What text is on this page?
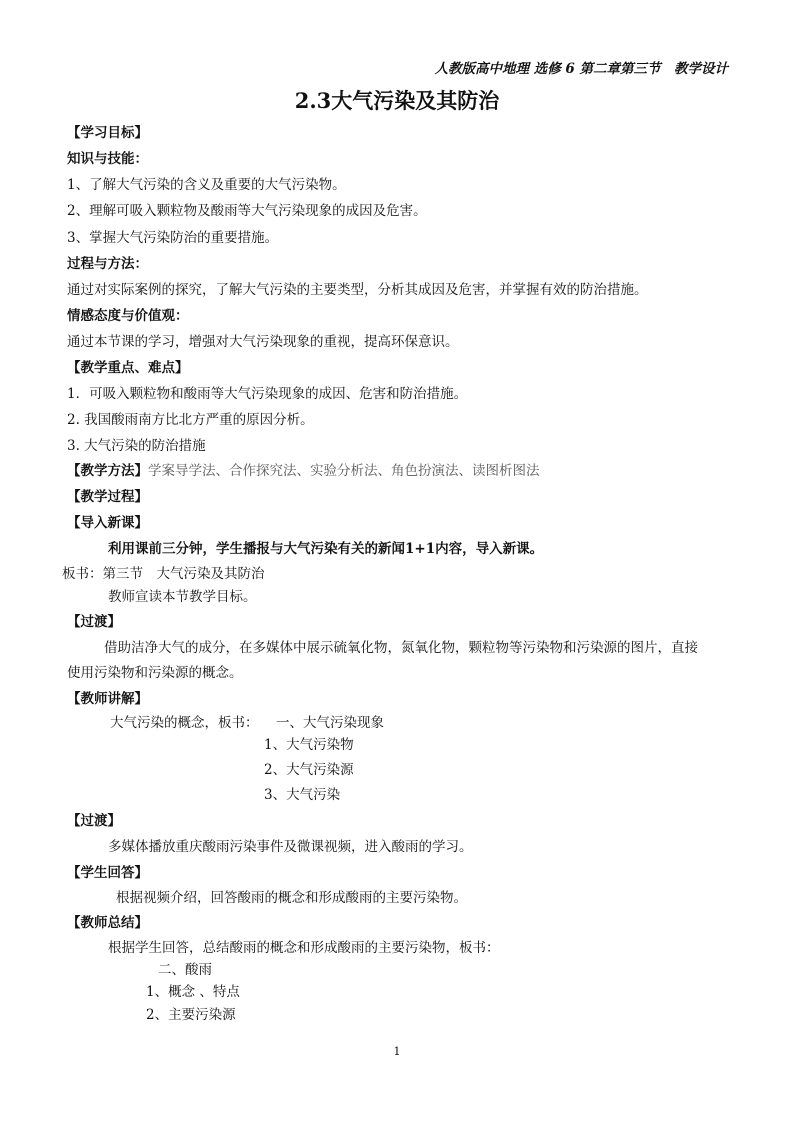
人教版高中地理 选修 6 第二章第三节　教学设计
2.3大气污染及其防治
【学习目标】
知识与技能：
1、了解大气污染的含义及重要的大气污染物。
2、理解可吸入颗粒物及酸雨等大气污染现象的成因及危害。
3、掌握大气污染防治的重要措施。
过程与方法：
通过对实际案例的探究，了解大气污染的主要类型，分析其成因及危害，并掌握有效的防治措施。
情感态度与价值观：
通过本节课的学习，增强对大气污染现象的重视，提高环保意识。
【教学重点、难点】
1．可吸入颗粒物和酸雨等大气污染现象的成因、危害和防治措施。
2. 我国酸雨南方比北方严重的原因分析。
3. 大气污染的防治措施
【教学方法】学案导学法、合作探究法、实验分析法、角色扮演法、读图析图法
【教学过程】
【导入新课】
利用课前三分钟，学生播报与大气污染有关的新闻1+1内容，导入新课。
板书：第三节　大气污染及其防治
教师宣读本节教学目标。
【过渡】
借助洁净大气的成分，在多媒体中展示硫氧化物，氮氧化物，颗粒物等污染物和污染源的图片，直接
使用污染物和污染源的概念。
【教师讲解】
大气污染的概念，板书： 一、大气污染现象
1、大气污染物
2、大气污染源
3、大气污染
【过渡】
多媒体播放重庆酸雨污染事件及微课视频，进入酸雨的学习。
【学生回答】
根据视频介绍，回答酸雨的概念和形成酸雨的主要污染物。
【教师总结】
根据学生回答，总结酸雨的概念和形成酸雨的主要污染物，板书：
二、酸雨
1、概念 、特点
2、主要污染源
1
